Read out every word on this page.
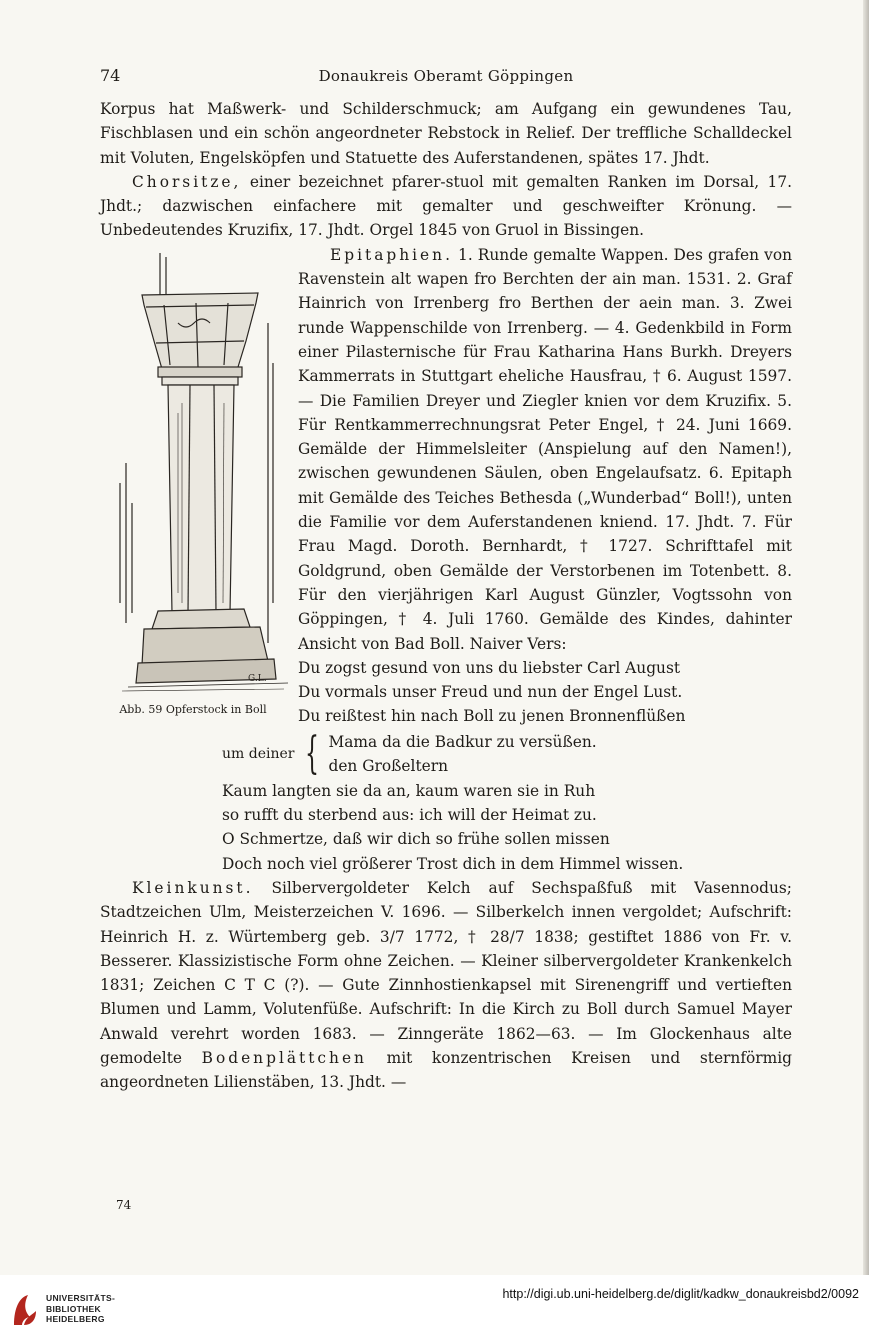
74	Donaukreis Oberamt Göppingen

Korpus hat Maßwerk- und Schilderschmuck; am Aufgang ein gewundenes Tau, Fischblasen und ein schön angeordneter Rebstock in Relief. Der treffliche Schalldeckel mit Voluten, Engelsköpfen und Statuette des Auferstandenen, spätes 17. Jhdt.

Chorsitze, einer bezeichnet pfarer-stuol mit gemalten Ranken im Dorsal, 17. Jhdt.; dazwischen einfachere mit gemalter und geschweifter Krönung. — Unbedeutendes Kruzifix, 17. Jhdt. Orgel 1845 von Gruol in Bissingen.

G.L.
Abb. 59 Opferstock in Boll

Epitaphien. 1. Runde gemalte Wappen. Des grafen von Ravenstein alt wapen fro Berchten der ain man. 1531. 2. Graf Hainrich von Irrenberg fro Berthen der aein man. 3. Zwei runde Wappenschilde von Irrenberg. — 4. Gedenkbild in Form einer Pilasternische für Frau Katharina Hans Burkh. Dreyers Kammerrats in Stuttgart eheliche Hausfrau, † 6. August 1597. — Die Familien Dreyer und Ziegler knien vor dem Kruzifix. 5. Für Rentkammerrechnungsrat Peter Engel, † 24. Juni 1669. Gemälde der Himmelsleiter (Anspielung auf den Namen!), zwischen gewundenen Säulen, oben Engelaufsatz. 6. Epitaph mit Gemälde des Teiches Bethesda („Wunderbad“ Boll!), unten die Familie vor dem Auferstandenen kniend. 17. Jhdt. 7. Für Frau Magd. Doroth. Bernhardt, † 1727. Schrifttafel mit Goldgrund, oben Gemälde der Verstorbenen im Totenbett. 8. Für den vierjährigen Karl August Günzler, Vogtssohn von Göppingen, † 4. Juli 1760. Gemälde des Kindes, dahinter Ansicht von Bad Boll. Naiver Vers:

Du zogst gesund von uns du liebster Carl August
Du vormals unser Freud und nun der Engel Lust.
Du reißtest hin nach Boll zu jenen Bronnenflüßen
um deiner { Mama da die Badkur zu versüßen.
den Großeltern
Kaum langten sie da an, kaum waren sie in Ruh
so rufft du sterbend aus: ich will der Heimat zu.
O Schmertze, daß wir dich so frühe sollen missen
Doch noch viel größerer Trost dich in dem Himmel wissen.

Kleinkunst. Silbervergoldeter Kelch auf Sechspaßfuß mit Vasennodus; Stadtzeichen Ulm, Meisterzeichen V. 1696. — Silberkelch innen vergoldet; Aufschrift: Heinrich H. z. Würtemberg geb. 3/7 1772, † 28/7 1838; gestiftet 1886 von Fr. v. Besserer. Klassizistische Form ohne Zeichen. — Kleiner silbervergoldeter Krankenkelch 1831; Zeichen C T C (?). — Gute Zinnhostienkapsel mit Sirenengriff und vertieften Blumen und Lamm, Volutenfüße. Aufschrift: In die Kirch zu Boll durch Samuel Mayer Anwald verehrt worden 1683. — Zinngeräte 1862—63. — Im Glockenhaus alte gemodelte Bodenplättchen mit konzentrischen Kreisen und sternförmig angeordneten Lilienstäben, 13. Jhdt. —

74
UNIVERSITÄTS-
BIBLIOTHEK
HEIDELBERG
http://digi.ub.uni-heidelberg.de/diglit/kadkw_donaukreisbd2/0092
